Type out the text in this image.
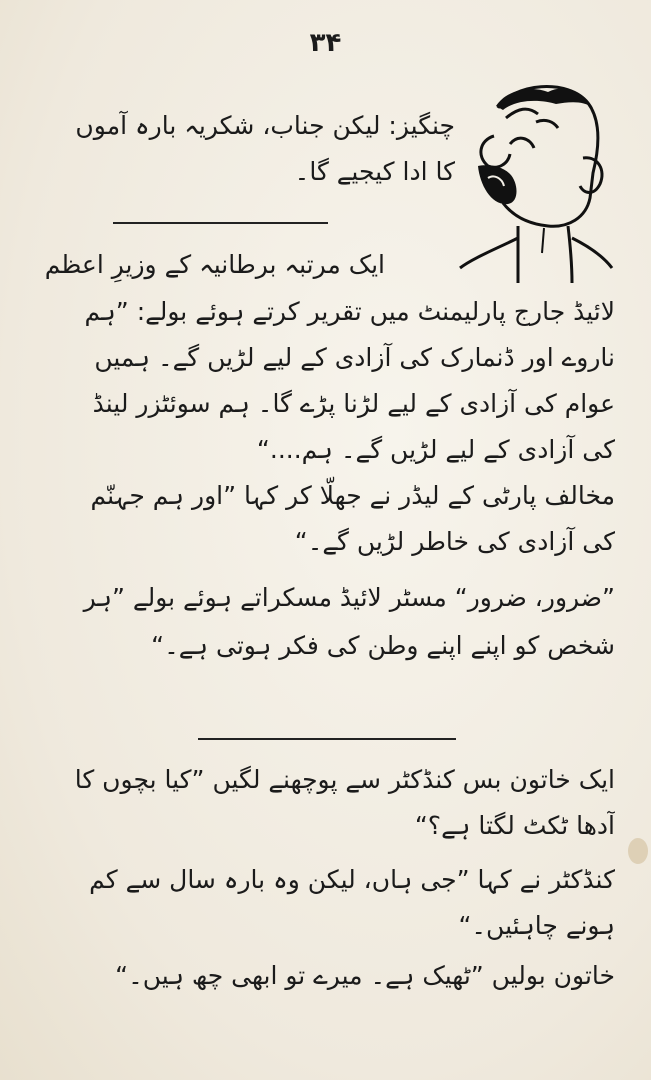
۳۴
چنگیز: لیکن جناب، شکریہ بارہ آموں
کا ادا کیجیے گا۔
ایک مرتبہ برطانیہ کے وزیرِ اعظم
لائیڈ جارج پارلیمنٹ میں تقریر کرتے ہوئے بولے: ”ہم
ناروے اور ڈنمارک کی آزادی کے لیے لڑیں گے۔ ہمیں
عوام کی آزادی کے لیے لڑنا پڑے گا۔ ہم سوئٹزر لینڈ
کی آزادی کے لیے لڑیں گے۔ ہم....“
مخالف پارٹی کے لیڈر نے جھلّا کر کہا ”اور ہم جہنّم
کی آزادی کی خاطر لڑیں گے۔“
”ضرور، ضرور“ مسٹر لائیڈ مسکراتے ہوئے بولے ”ہر
شخص کو اپنے اپنے وطن کی فکر ہوتی ہے۔“
ایک خاتون بس کنڈکٹر سے پوچھنے لگیں ”کیا بچوں کا
آدھا ٹکٹ لگتا ہے؟“
کنڈکٹر نے کہا ”جی ہاں، لیکن وہ بارہ سال سے کم
ہونے چاہئیں۔“
خاتون بولیں ”ٹھیک ہے۔ میرے تو ابھی چھ ہیں۔“
